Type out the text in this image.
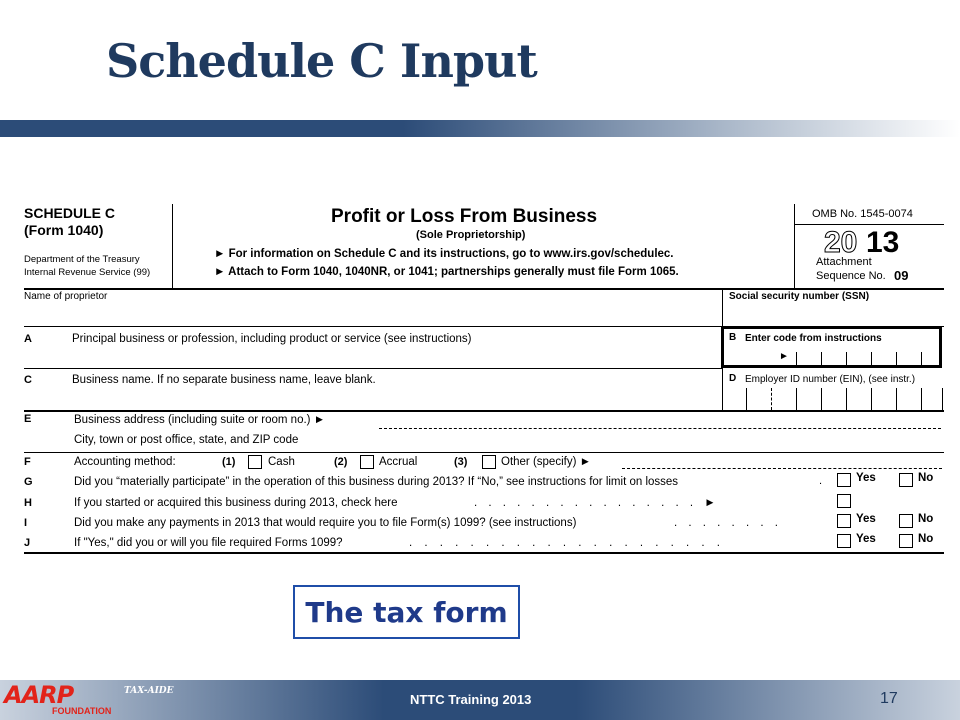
Schedule C Input
SCHEDULE C
(Form 1040)
Department of the Treasury
Internal Revenue Service (99)
Profit or Loss From Business
(Sole Proprietorship)
► For information on Schedule C and its instructions, go to www.irs.gov/schedulec.
► Attach to Form 1040, 1040NR, or 1041; partnerships generally must file Form 1065.
OMB No. 1545-0074
20 13
Attachment
Sequence No. 09
Name of proprietor	Social security number (SSN)
A	Principal business or profession, including product or service (see instructions)	B Enter code from instructions
►
C	Business name. If no separate business name, leave blank.	D Employer ID number (EIN), (see instr.)
E	Business address (including suite or room no.) ►
City, town or post office, state, and ZIP code
F	Accounting method:	(1)	Cash	(2)	Accrual	(3)	Other (specify) ►
G	Did you “materially participate” in the operation of this business during 2013? If “No,” see instructions for limit on losses	.	Yes	No
H	If you started or acquired this business during 2013, check here	. . . . . . . . . . . . . . . . ►
I	Did you make any payments in 2013 that would require you to file Form(s) 1099? (see instructions)	. . . . . . . .	Yes	No
J	If "Yes," did you or will you file required Forms 1099?	. . . . . . . . . . . . . . . . . . . . .	Yes	No
The tax form
AARP
FOUNDATION
TAX-AIDE
NTTC Training 2013	17
